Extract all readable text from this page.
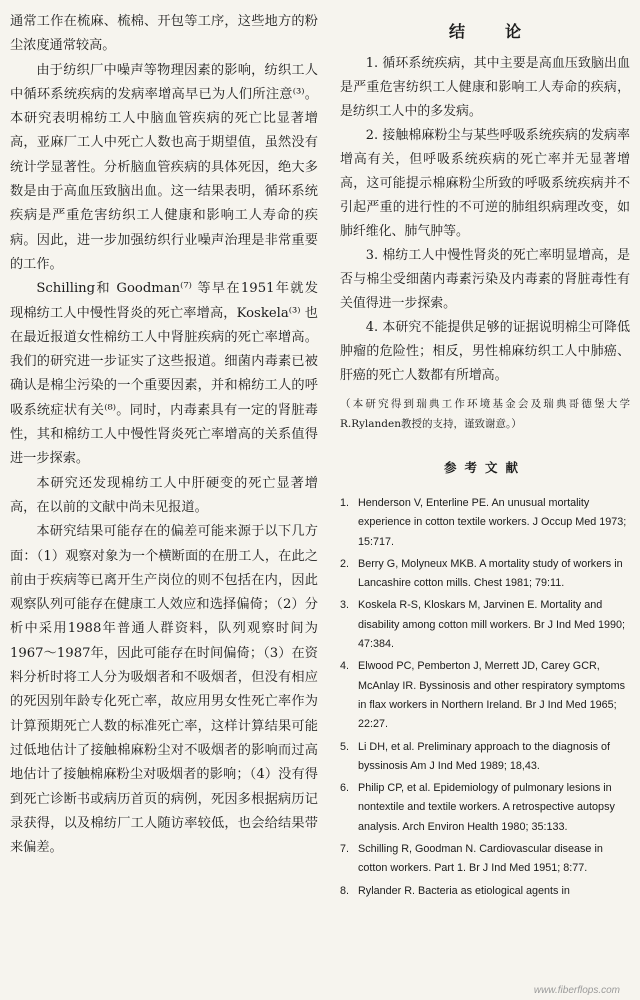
通常工作在梳麻、梳棉、开包等工序，这些地方的粉尘浓度通常较高。

由于纺织厂中噪声等物理因素的影响，纺织工人中循环系统疾病的发病率增高早已为人们所注意⁽³⁾。本研究表明棉纺工人中脑血管疾病的死亡比显著增高，亚麻厂工人中死亡人数也高于期望值，虽然没有统计学显著性。分析脑血管疾病的具体死因，绝大多数是由于高血压致脑出血。这一结果表明，循环系统疾病是严重危害纺织工人健康和影响工人寿命的疾病。因此，进一步加强纺织行业噪声治理是非常重要的工作。

Schilling和 Goodman⁽⁷⁾ 等早在1951年就发现棉纺工人中慢性肾炎的死亡率增高，Koskela⁽³⁾ 也在最近报道女性棉纺工人中肾脏疾病的死亡率增高。我们的研究进一步证实了这些报道。细菌内毒素已被确认是棉尘污染的一个重要因素，并和棉纺工人的呼吸系统症状有关⁽⁸⁾。同时，内毒素具有一定的肾脏毒性，其和棉纺工人中慢性肾炎死亡率增高的关系值得进一步探索。

本研究还发现棉纺工人中肝硬变的死亡显著增高，在以前的文献中尚未见报道。

本研究结果可能存在的偏差可能来源于以下几方面：（1）观察对象为一个横断面的在册工人，在此之前由于疾病等已离开生产岗位的则不包括在内，因此观察队列可能存在健康工人效应和选择偏倚；（2）分析中采用1988年普通人群资料，队列观察时间为1967～1987年，因此可能存在时间偏倚；（3）在资料分析时将工人分为吸烟者和不吸烟者，但没有相应的死因别年龄专化死亡率，故应用男女性死亡率作为计算预期死亡人数的标准死亡率，这样计算结果可能过低地估计了接触棉麻粉尘对不吸烟者的影响而过高地估计了接触棉麻粉尘对吸烟者的影响；（4）没有得到死亡诊断书或病历首页的病例，死因多根据病历记录获得，以及棉纺厂工人随访率较低，也会给结果带来偏差。

结论

1. 循环系统疾病，其中主要是高血压致脑出血是严重危害纺织工人健康和影响工人寿命的疾病，是纺织工人中的多发病。

2. 接触棉麻粉尘与某些呼吸系统疾病的发病率增高有关，但呼吸系统疾病的死亡率并无显著增高，这可能提示棉麻粉尘所致的呼吸系统疾病并不引起严重的进行性的不可逆的肺组织病理改变，如肺纤维化、肺气肿等。

3. 棉纺工人中慢性肾炎的死亡率明显增高，是否与棉尘受细菌内毒素污染及内毒素的肾脏毒性有关值得进一步探索。

4. 本研究不能提供足够的证据说明棉尘可降低肿瘤的危险性；相反，男性棉麻纺织工人中肺癌、肝癌的死亡人数都有所增高。

（本研究得到瑞典工作环境基金会及瑞典哥德堡大学R.Rylanden教授的支持，谨致谢意。）

参考文献
1. Henderson V, Enterline PE. An unusual mortality experience in cotton textile workers. J Occup Med 1973; 15:717.
2. Berry G, Molyneux MKB. A mortality study of workers in Lancashire cotton mills. Chest 1981; 79:11.
3. Koskela R-S, Kloskars M, Jarvinen E. Mortality and disability among cotton mill workers. Br J Ind Med 1990; 47:384.
4. Elwood PC, Pemberton J, Merrett JD, Carey GCR, McAnlay IR. Byssinosis and other respiratory symptoms in flax workers in Northern Ireland. Br J Ind Med 1965; 22:27.
5. Li DH, et al. Preliminary approach to the diagnosis of byssinosis Am J Ind Med 1989; 18,43.
6. Philip CP, et al. Epidemiology of pulmonary lesions in nontextile and textile workers. A retrospective autopsy analysis. Arch Environ Health 1980; 35:133.
7. Schilling R, Goodman N. Cardiovascular disease in cotton workers. Part 1. Br J Ind Med 1951; 8:77.
8. Rylander R. Bacteria as etiological agents in
www.fiberflops.com
